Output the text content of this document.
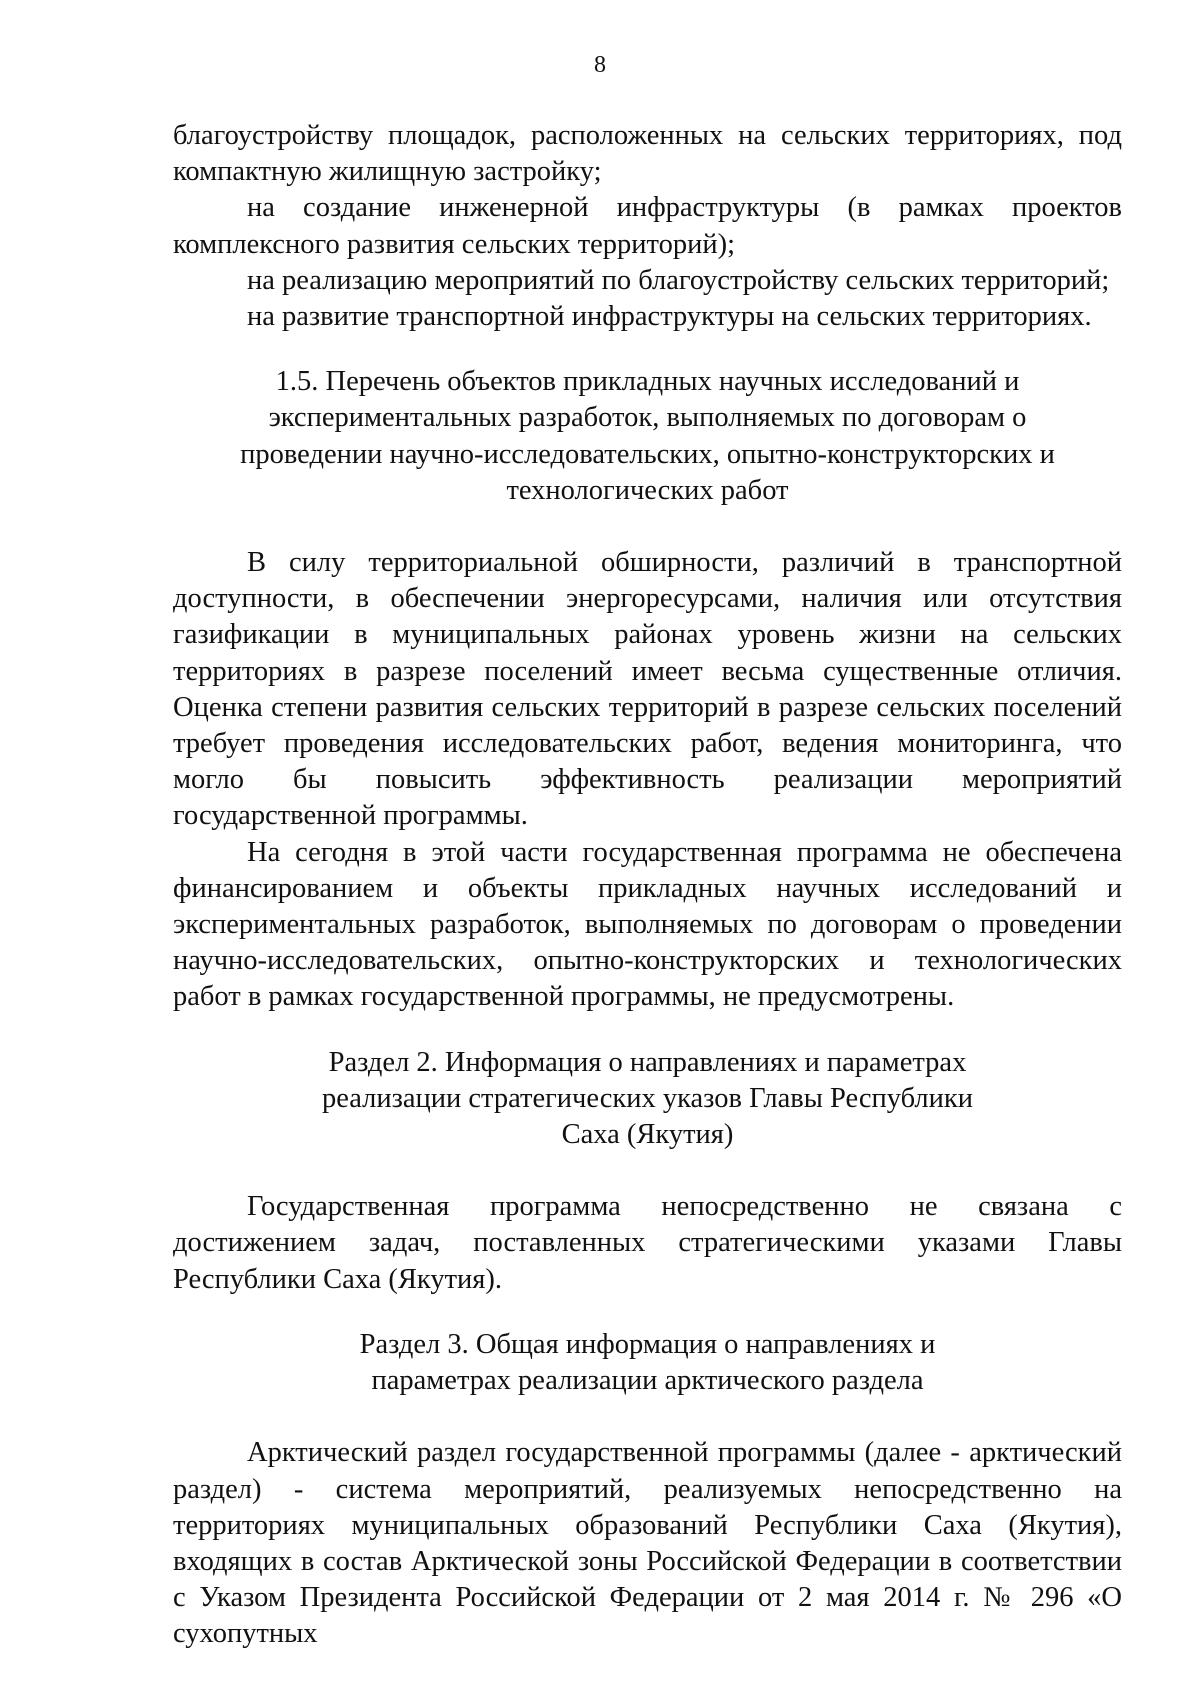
8

благоустройству площадок, расположенных на сельских территориях, под компактную жилищную застройку;

на создание инженерной инфраструктуры (в рамках проектов комплексного развития сельских территорий);

на реализацию мероприятий по благоустройству сельских территорий;

на развитие транспортной инфраструктуры на сельских территориях.

1.5. Перечень объектов прикладных научных исследований и экспериментальных разработок, выполняемых по договорам о проведении научно-исследовательских, опытно-конструкторских и технологических работ

В силу территориальной обширности, различий в транспортной доступности, в обеспечении энергоресурсами, наличия или отсутствия газификации в муниципальных районах уровень жизни на сельских территориях в разрезе поселений имеет весьма существенные отличия. Оценка степени развития сельских территорий в разрезе сельских поселений требует проведения исследовательских работ, ведения мониторинга, что могло бы повысить эффективность реализации мероприятий государственной программы.

На сегодня в этой части государственная программа не обеспечена финансированием и объекты прикладных научных исследований и экспериментальных разработок, выполняемых по договорам о проведении научно-исследовательских, опытно-конструкторских и технологических работ в рамках государственной программы, не предусмотрены.

Раздел 2. Информация о направлениях и параметрах реализации стратегических указов Главы Республики Саха (Якутия)

Государственная программа непосредственно не связана с достижением задач, поставленных стратегическими указами Главы Республики Саха (Якутия).

Раздел 3. Общая информация о направлениях и параметрах реализации арктического раздела

Арктический раздел государственной программы (далее - арктический раздел) - система мероприятий, реализуемых непосредственно на территориях муниципальных образований Республики Саха (Якутия), входящих в состав Арктической зоны Российской Федерации в соответствии с Указом Президента Российской Федерации от 2 мая 2014 г. № 296 «О сухопутных
